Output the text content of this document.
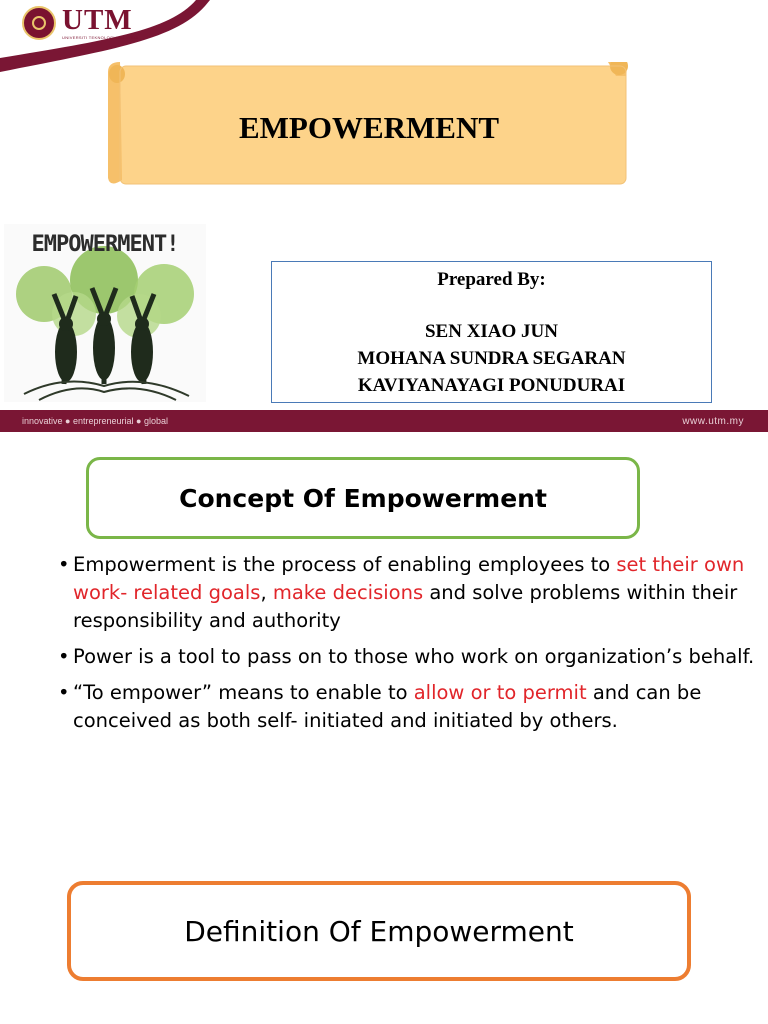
UTM
UNIVERSITI TEKNOLOGI MALAYSIA
EMPOWERMENT
EMPOWERMENT!
Prepared By:
SEN XIAO JUN
MOHANA SUNDRA SEGARAN
KAVIYANAYAGI PONUDURAI
innovative ● entrepreneurial ● global	www.utm.my
Concept Of Empowerment
• Empowerment is the process of enabling employees to set their own work- related goals, make decisions and solve problems within their responsibility and authority
• Power is a tool to pass on to those who work on organization’s behalf.
• “To empower” means to enable to allow or to permit and can be conceived as both self- initiated and initiated by others.
Definition Of Empowerment
